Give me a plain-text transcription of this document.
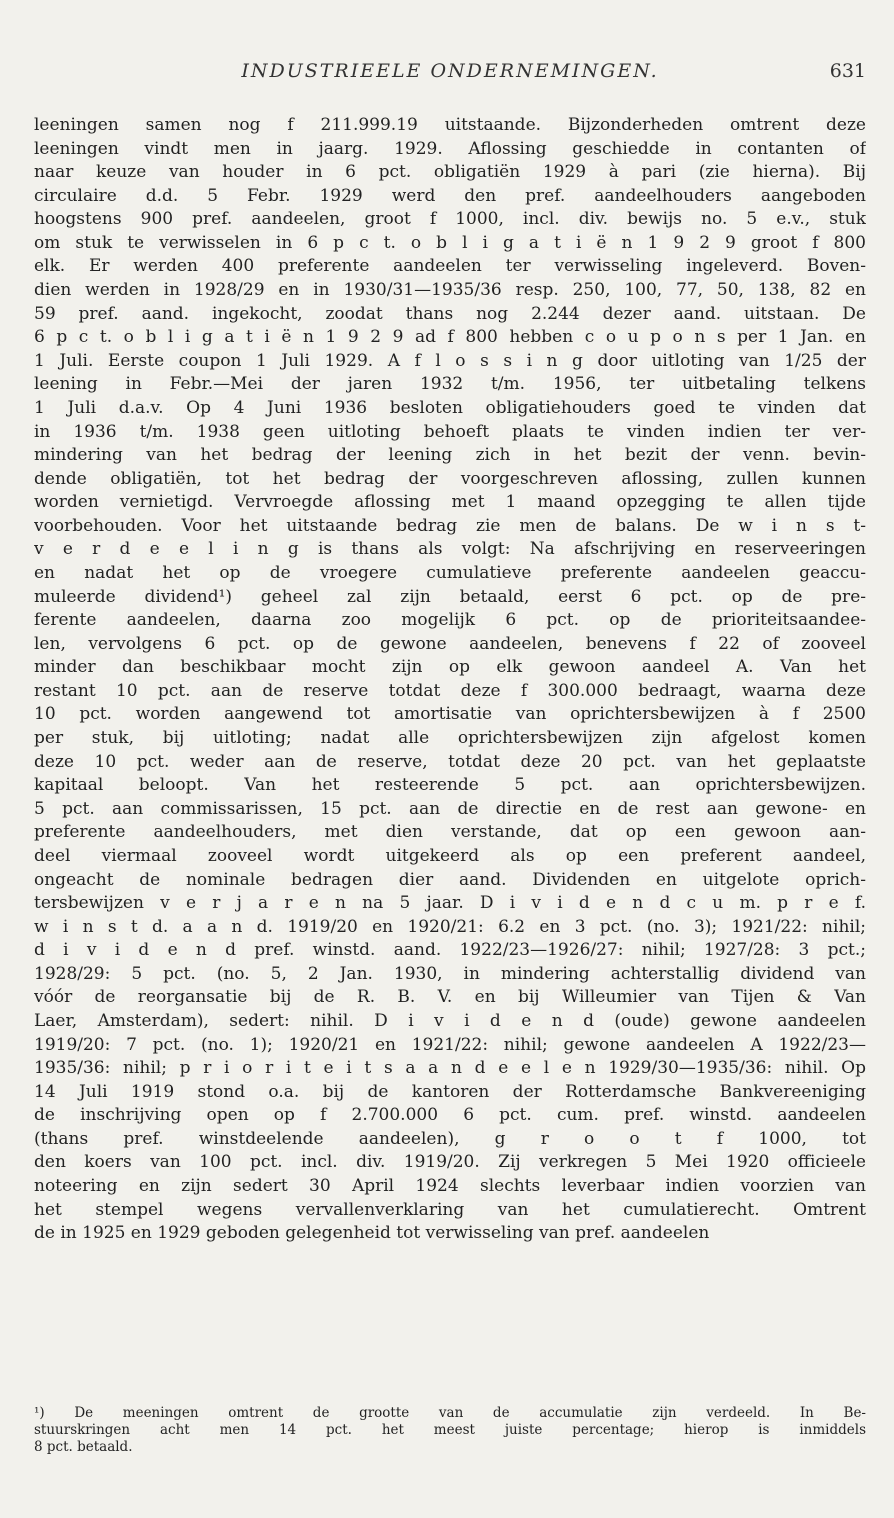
INDUSTRIEELE ONDERNEMINGEN.	631
leeningen samen nog f 211.999.19 uitstaande. Bijzonderheden omtrent deze
leeningen vindt men in jaarg. 1929. Aflossing geschiedde in contanten of
naar keuze van houder in 6 pct. obligatiën 1929 à pari (zie hierna). Bij
circulaire d.d. 5 Febr. 1929 werd den pref. aandeelhouders aangeboden
hoogstens 900 pref. aandeelen, groot f 1000, incl. div. bewijs no. 5 e.v., stuk
om stuk te verwisselen in 6 p c t. o b l i g a t i ë n 1 9 2 9 groot f 800
elk. Er werden 400 preferente aandeelen ter verwisseling ingeleverd. Boven-
dien werden in 1928/29 en in 1930/31—1935/36 resp. 250, 100, 77, 50, 138, 82 en
59 pref. aand. ingekocht, zoodat thans nog 2.244 dezer aand. uitstaan. De
6 p c t. o b l i g a t i ë n 1 9 2 9 ad f 800 hebben c o u p o n s per 1 Jan. en
1 Juli. Eerste coupon 1 Juli 1929. A f l o s s i n g door uitloting van 1/25 der
leening in Febr.—Mei der jaren 1932 t/m. 1956, ter uitbetaling telkens
1 Juli d.a.v. Op 4 Juni 1936 besloten obligatiehouders goed te vinden dat
in 1936 t/m. 1938 geen uitloting behoeft plaats te vinden indien ter ver-
mindering van het bedrag der leening zich in het bezit der venn. bevin-
dende obligatiën, tot het bedrag der voorgeschreven aflossing, zullen kunnen
worden vernietigd. Vervroegde aflossing met 1 maand opzegging te allen tijde
voorbehouden. Voor het uitstaande bedrag zie men de balans. De w i n s t-
v e r d e e l i n g is thans als volgt: Na afschrijving en reserveeringen
en nadat het op de vroegere cumulatieve preferente aandeelen geaccu-
muleerde dividend¹) geheel zal zijn betaald, eerst 6 pct. op de pre-
ferente aandeelen, daarna zoo mogelijk 6 pct. op de prioriteitsaandee-
len, vervolgens 6 pct. op de gewone aandeelen, benevens f 22 of zooveel
minder dan beschikbaar mocht zijn op elk gewoon aandeel A. Van het
restant 10 pct. aan de reserve totdat deze f 300.000 bedraagt, waarna deze
10 pct. worden aangewend tot amortisatie van oprichtersbewijzen à f 2500
per stuk, bij uitloting; nadat alle oprichtersbewijzen zijn afgelost komen
deze 10 pct. weder aan de reserve, totdat deze 20 pct. van het geplaatste
kapitaal beloopt. Van het resteerende 5 pct. aan oprichtersbewijzen.
5 pct. aan commissarissen, 15 pct. aan de directie en de rest aan gewone- en
preferente aandeelhouders, met dien verstande, dat op een gewoon aan-
deel viermaal zooveel wordt uitgekeerd als op een preferent aandeel,
ongeacht de nominale bedragen dier aand. Dividenden en uitgelote oprich-
tersbewijzen v e r j a r e n na 5 jaar. D i v i d e n d c u m. p r e f.
w i n s t d. a a n d. 1919/20 en 1920/21: 6.2 en 3 pct. (no. 3); 1921/22: nihil;
d i v i d e n d pref. winstd. aand. 1922/23—1926/27: nihil; 1927/28: 3 pct.;
1928/29: 5 pct. (no. 5, 2 Jan. 1930, in mindering achterstallig dividend van
vóór de reorgansatie bij de R. B. V. en bij Willeumier van Tijen & Van
Laer, Amsterdam), sedert: nihil. D i v i d e n d (oude) gewone aandeelen
1919/20: 7 pct. (no. 1); 1920/21 en 1921/22: nihil; gewone aandeelen A 1922/23—
1935/36: nihil; p r i o r i t e i t s a a n d e e l e n 1929/30—1935/36: nihil. Op
14 Juli 1919 stond o.a. bij de kantoren der Rotterdamsche Bankvereeniging
de inschrijving open op f 2.700.000 6 pct. cum. pref. winstd. aandeelen
(thans pref. winstdeelende aandeelen), g r o o t f 1000, tot
den koers van 100 pct. incl. div. 1919/20. Zij verkregen 5 Mei 1920 officieele
noteering en zijn sedert 30 April 1924 slechts leverbaar indien voorzien van
het stempel wegens vervallenverklaring van het cumulatierecht. Omtrent
de in 1925 en 1929 geboden gelegenheid tot verwisseling van pref. aandeelen
¹) De meeningen omtrent de grootte van de accumulatie zijn verdeeld. In Be-
stuurskringen acht men 14 pct. het meest juiste percentage; hierop is inmiddels
8 pct. betaald.
